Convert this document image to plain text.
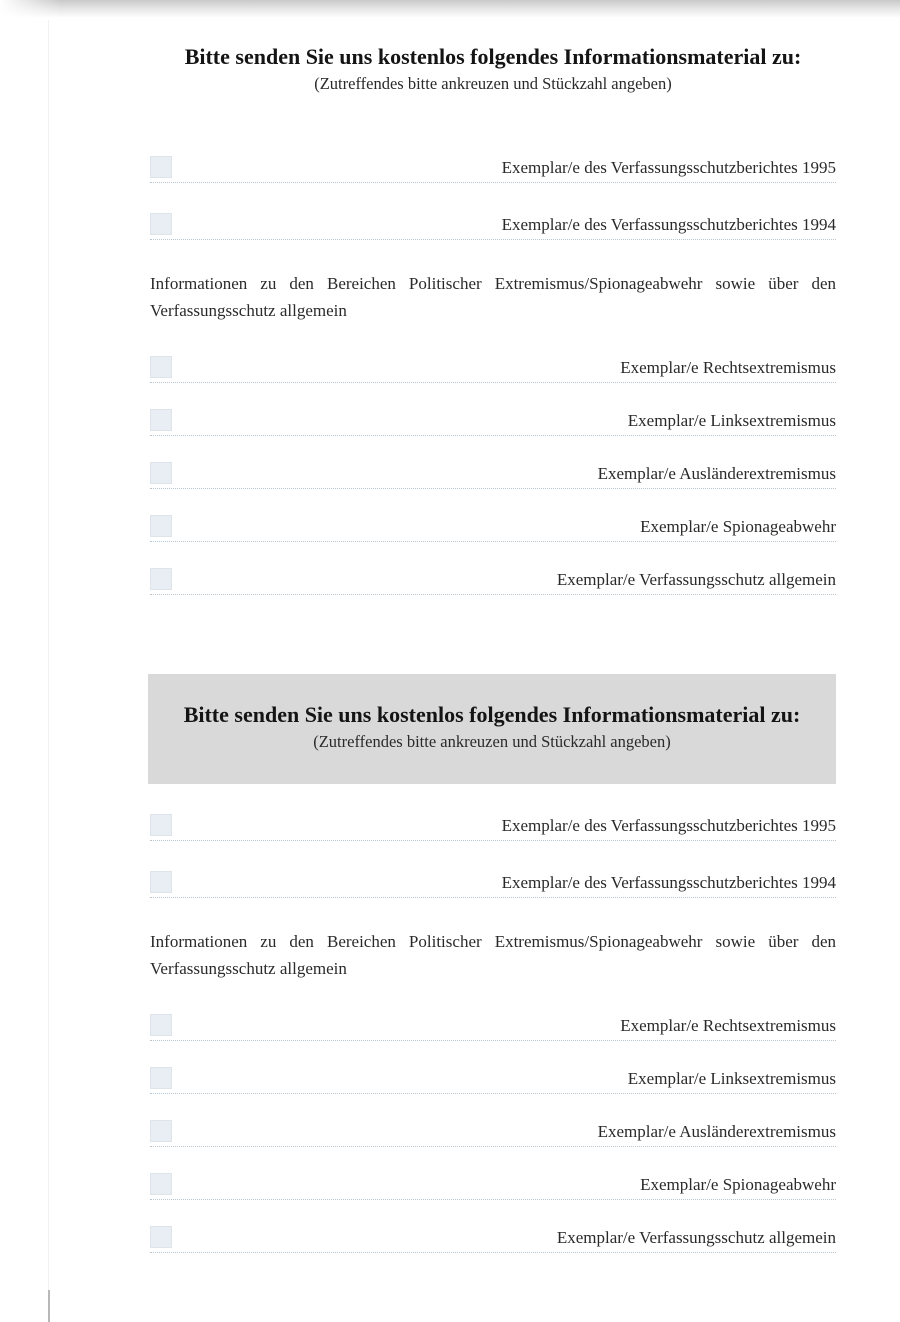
Bitte senden Sie uns kostenlos folgendes Informationsmaterial zu:
(Zutreffendes bitte ankreuzen und Stückzahl angeben)
Exemplar/e des Verfassungsschutzberichtes 1995
Exemplar/e des Verfassungsschutzberichtes 1994

Informationen zu den Bereichen Politischer Extremismus/Spionageabwehr sowie über den Verfassungsschutz allgemein

Exemplar/e Rechtsextremismus
Exemplar/e Linksextremismus
Exemplar/e Ausländerextremismus
Exemplar/e Spionageabwehr
Exemplar/e Verfassungsschutz allgemein
Bitte senden Sie uns kostenlos folgendes Informationsmaterial zu:
(Zutreffendes bitte ankreuzen und Stückzahl angeben)
Exemplar/e des Verfassungsschutzberichtes 1995
Exemplar/e des Verfassungsschutzberichtes 1994

Informationen zu den Bereichen Politischer Extremismus/Spionageabwehr sowie über den Verfassungsschutz allgemein

Exemplar/e Rechtsextremismus
Exemplar/e Linksextremismus
Exemplar/e Ausländerextremismus
Exemplar/e Spionageabwehr
Exemplar/e Verfassungsschutz allgemein
